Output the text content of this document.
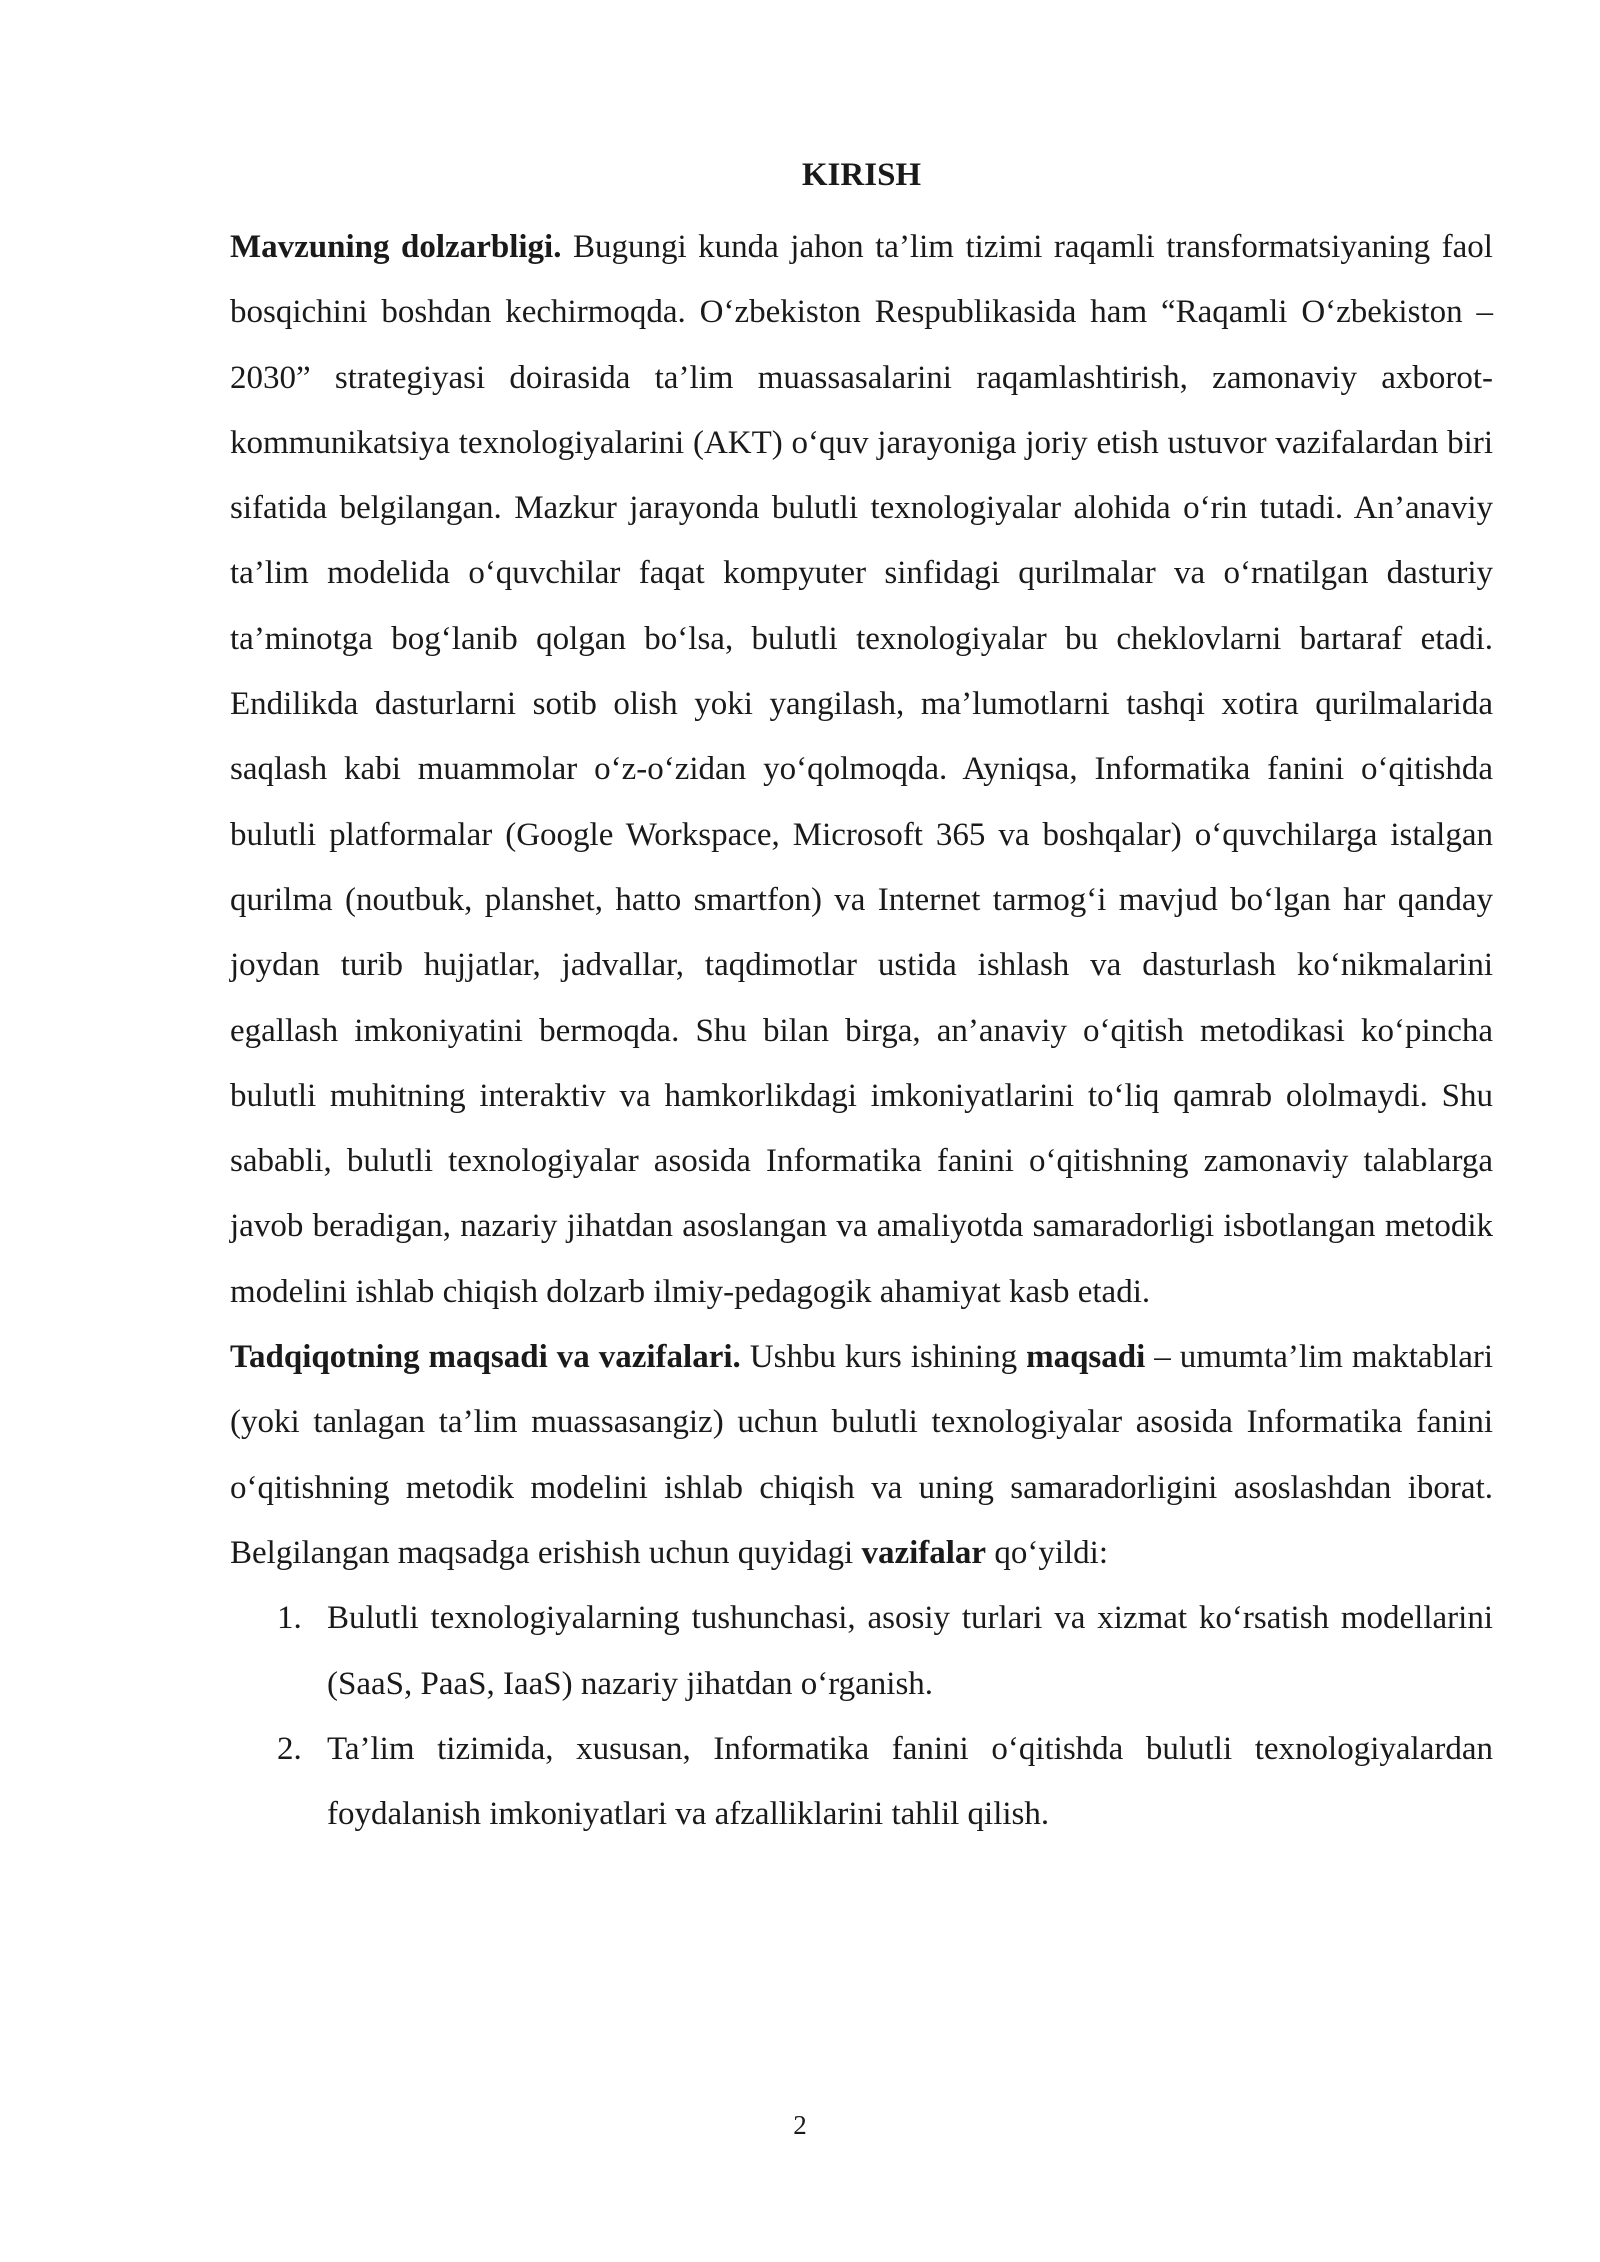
KIRISH

Mavzuning dolzarbligi. Bugungi kunda jahon ta’lim tizimi raqamli transformatsiyaning faol bosqichini boshdan kechirmoqda. O‘zbekiston Respublikasida ham “Raqamli O‘zbekiston – 2030” strategiyasi doirasida ta’lim muassasalarini raqamlashtirish, zamonaviy axborot-kommunikatsiya texnologiyalarini (AKT) o‘quv jarayoniga joriy etish ustuvor vazifalardan biri sifatida belgilangan. Mazkur jarayonda bulutli texnologiyalar alohida o‘rin tutadi. An’anaviy ta’lim modelida o‘quvchilar faqat kompyuter sinfidagi qurilmalar va o‘rnatilgan dasturiy ta’minotga bog‘lanib qolgan bo‘lsa, bulutli texnologiyalar bu cheklovlarni bartaraf etadi. Endilikda dasturlarni sotib olish yoki yangilash, ma’lumotlarni tashqi xotira qurilmalarida saqlash kabi muammolar o‘z-o‘zidan yo‘qolmoqda. Ayniqsa, Informatika fanini o‘qitishda bulutli platformalar (Google Workspace, Microsoft 365 va boshqalar) o‘quvchilarga istalgan qurilma (noutbuk, planshet, hatto smartfon) va Internet tarmog‘i mavjud bo‘lgan har qanday joydan turib hujjatlar, jadvallar, taqdimotlar ustida ishlash va dasturlash ko‘nikmalarini egallash imkoniyatini bermoqda. Shu bilan birga, an’anaviy o‘qitish metodikasi ko‘pincha bulutli muhitning interaktiv va hamkorlikdagi imkoniyatlarini to‘liq qamrab ololmaydi. Shu sababli, bulutli texnologiyalar asosida Informatika fanini o‘qitishning zamonaviy talablarga javob beradigan, nazariy jihatdan asoslangan va amaliyotda samaradorligi isbotlangan metodik modelini ishlab chiqish dolzarb ilmiy-pedagogik ahamiyat kasb etadi.

Tadqiqotning maqsadi va vazifalari. Ushbu kurs ishining maqsadi – umumta’lim maktablari (yoki tanlagan ta’lim muassasangiz) uchun bulutli texnologiyalar asosida Informatika fanini o‘qitishning metodik modelini ishlab chiqish va uning samaradorligini asoslashdan iborat.

Belgilangan maqsadga erishish uchun quyidagi vazifalar qo‘yildi:

1. Bulutli texnologiyalarning tushunchasi, asosiy turlari va xizmat ko‘rsatish modellarini (SaaS, PaaS, IaaS) nazariy jihatdan o‘rganish.
2. Ta’lim tizimida, xususan, Informatika fanini o‘qitishda bulutli texnologiyalardan foydalanish imkoniyatlari va afzalliklarini tahlil qilish.
2
